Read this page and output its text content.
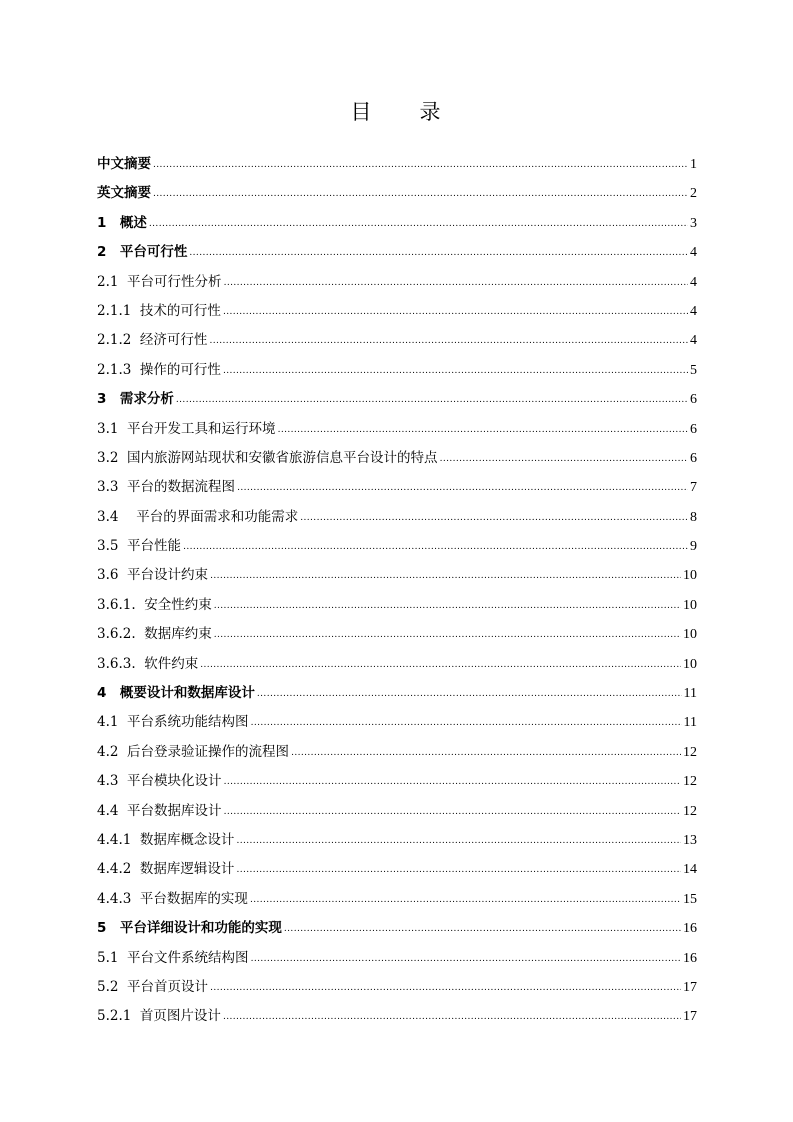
目　　录
中文摘要 .....	1
英文摘要 .....	2
1　概述 .....	3
2　平台可行性 .....	4
2.1  平台可行性分析 .....	4
2.1.1  技术的可行性 .....	4
2.1.2  经济可行性 .....	4
2.1.3  操作的可行性 .....	5
3　需求分析 .....	6
3.1  平台开发工具和运行环境 .....	6
3.2  国内旅游网站现状和安徽省旅游信息平台设计的特点 .....	6
3.3  平台的数据流程图 .....	7
3.4　 平台的界面需求和功能需求 .....	8
3.5  平台性能 .....	9
3.6  平台设计约束 .....	10
3.6.1.  安全性约束 .....	10
3.6.2.  数据库约束 .....	10
3.6.3.  软件约束 .....	10
4　概要设计和数据库设计 .....	11
4.1  平台系统功能结构图 .....	11
4.2  后台登录验证操作的流程图 .....	12
4.3  平台模块化设计 .....	12
4.4  平台数据库设计 .....	12
4.4.1  数据库概念设计 .....	13
4.4.2  数据库逻辑设计 .....	14
4.4.3  平台数据库的实现 .....	15
5　平台详细设计和功能的实现 .....	16
5.1  平台文件系统结构图 .....	16
5.2  平台首页设计 .....	17
5.2.1  首页图片设计 .....	17
